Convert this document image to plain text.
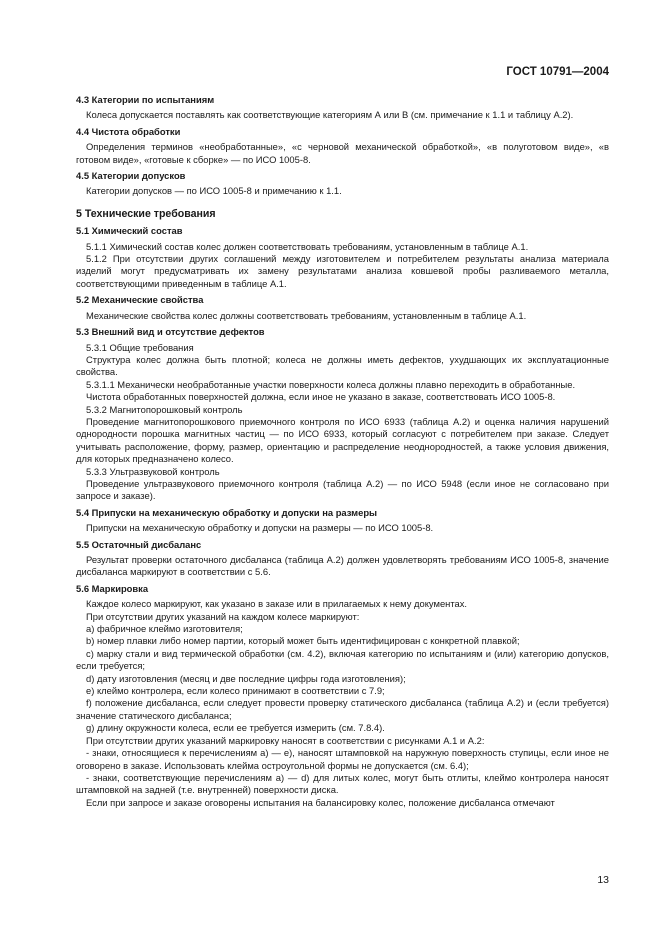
ГОСТ 10791—2004
4.3 Категории по испытаниям

Колеса допускается поставлять как соответствующие категориям А или В (см. примечание к 1.1 и таблицу А.2).

4.4 Чистота обработки

Определения терминов «необработанные», «с черновой механической обработкой», «в полуготовом виде», «в готовом виде», «готовые к сборке» — по ИСО 1005-8.

4.5 Категории допусков

Категории допусков — по ИСО 1005-8 и примечанию к 1.1.

5 Технические требования
5.1 Химический состав

5.1.1 Химический состав колес должен соответствовать требованиям, установленным в таблице А.1.

5.1.2 При отсутствии других соглашений между изготовителем и потребителем результаты анализа материала изделий могут предусматривать их замену результатами анализа ковшевой пробы разливаемого металла, соответствующими приведенным в таблице А.1.

5.2 Механические свойства

Механические свойства колес должны соответствовать требованиям, установленным в таблице А.1.

5.3 Внешний вид и отсутствие дефектов

5.3.1 Общие требования

Структура колес должна быть плотной; колеса не должны иметь дефектов, ухудшающих их эксплуатационные свойства.

5.3.1.1 Механически необработанные участки поверхности колеса должны плавно переходить в обработанные.

Чистота обработанных поверхностей должна, если иное не указано в заказе, соответствовать ИСО 1005-8.

5.3.2 Магнитопорошковый контроль

Проведение магнитопорошкового приемочного контроля по ИСО 6933 (таблица А.2) и оценка наличия нарушений однородности порошка магнитных частиц — по ИСО 6933, который согласуют с потребителем при заказе. Следует учитывать расположение, форму, размер, ориентацию и распределение неоднородностей, а также условия движения, для которых предназначено колесо.

5.3.3 Ультразвуковой контроль

Проведение ультразвукового приемочного контроля (таблица А.2) — по ИСО 5948 (если иное не согласовано при запросе и заказе).

5.4 Припуски на механическую обработку и допуски на размеры

Припуски на механическую обработку и допуски на размеры — по ИСО 1005-8.

5.5 Остаточный дисбаланс

Результат проверки остаточного дисбаланса (таблица А.2) должен удовлетворять требованиям ИСО 1005-8, значение дисбаланса маркируют в соответствии с 5.6.

5.6 Маркировка

Каждое колесо маркируют, как указано в заказе или в прилагаемых к нему документах.

При отсутствии других указаний на каждом колесе маркируют:

а) фабричное клеймо изготовителя;

b) номер плавки либо номер партии, который может быть идентифицирован с конкретной плавкой;

с) марку стали и вид термической обработки (см. 4.2), включая категорию по испытаниям и (или) категорию допусков, если требуется;

d) дату изготовления (месяц и две последние цифры года изготовления);

е) клеймо контролера, если колесо принимают в соответствии с 7.9;

f) положение дисбаланса, если следует провести проверку статического дисбаланса (таблица А.2) и (если требуется) значение статического дисбаланса;

g) длину окружности колеса, если ее требуется измерить (см. 7.8.4).

При отсутствии других указаний маркировку наносят в соответствии с рисунками А.1 и А.2:

- знаки, относящиеся к перечислениям а) — е), наносят штамповкой на наружную поверхность ступицы, если иное не оговорено в заказе. Использовать клейма остроугольной формы не допускается (см. 6.4);

- знаки, соответствующие перечислениям а) — d) для литых колес, могут быть отлиты, клеймо контролера наносят штамповкой на задней (т.е. внутренней) поверхности диска.

Если при запросе и заказе оговорены испытания на балансировку колес, положение дисбаланса отмечают

13
